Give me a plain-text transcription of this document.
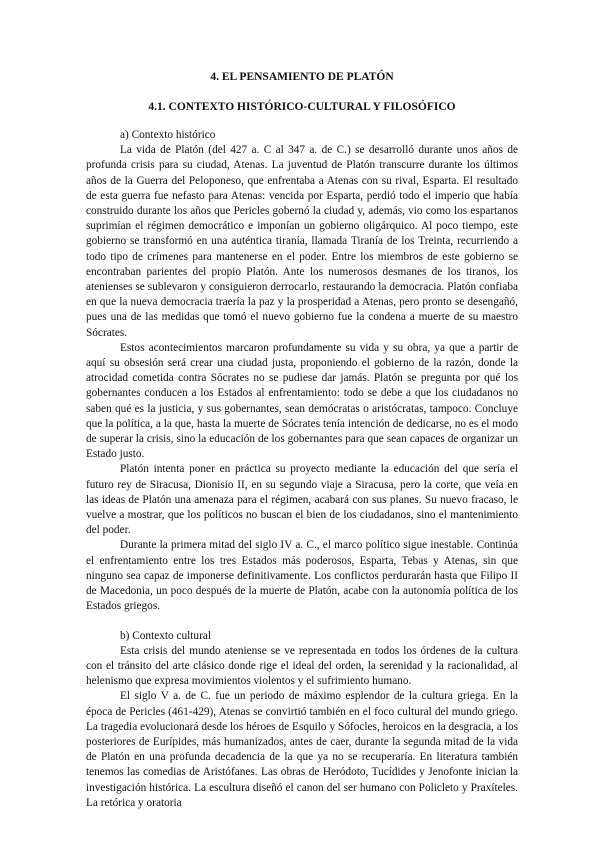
4. EL PENSAMIENTO DE PLATÓN
4.1. CONTEXTO HISTÓRICO-CULTURAL Y FILOSÓFICO
a) Contexto histórico

La vida de Platón (del 427 a. C al 347 a. de C.) se desarrolló durante unos años de profunda crisis para su ciudad, Atenas. La juventud de Platón transcurre durante los últimos años de la Guerra del Peloponeso, que enfrentaba a Atenas con su rival, Esparta. El resultado de esta guerra fue nefasto para Atenas: vencida por Esparta, perdió todo el imperio que había construido durante los años que Pericles gobernó la ciudad y, además, vio como los espartanos suprimían el régimen democrático e imponían un gobierno oligárquico. Al poco tiempo, este gobierno se transformó en una auténtica tiranía, llamada Tiranía de los Treinta, recurriendo a todo tipo de crímenes para mantenerse en el poder. Entre los miembros de este gobierno se encontraban parientes del propio Platón. Ante los numerosos desmanes de los tiranos, los atenienses se sublevaron y consiguieron derrocarlo, restaurando la democracia. Platón confiaba en que la nueva democracia traería la paz y la prosperidad a Atenas, pero pronto se desengañó, pues una de las medidas que tomó el nuevo gobierno fue la condena a muerte de su maestro Sócrates.

Estos acontecimientos marcaron profundamente su vida y su obra, ya que a partir de aquí su obsesión será crear una ciudad justa, proponiendo el gobierno de la razón, donde la atrocidad cometida contra Sócrates no se pudiese dar jamás. Platón se pregunta por qué los gobernantes conducen a los Estados al enfrentamiento: todo se debe a que los ciudadanos no saben qué es la justicia, y sus gobernantes, sean demócratas o aristócratas, tampoco. Concluye que la política, a la que, hasta la muerte de Sócrates tenía intención de dedicarse, no es el modo de superar la crisis, sino la educación de los gobernantes para que sean capaces de organizar un Estado justo.

Platón intenta poner en práctica su proyecto mediante la educación del que sería el futuro rey de Siracusa, Dionisio II, en su segundo viaje a Siracusa, pero la corte, que veía en las ideas de Platón una amenaza para el régimen, acabará con sus planes. Su nuevo fracaso, le vuelve a mostrar, que los políticos no buscan el bien de los ciudadanos, sino el mantenimiento del poder.

Durante la primera mitad del siglo IV a. C., el marco político sigue inestable. Continúa el enfrentamiento entre los tres Estados más poderosos, Esparta, Tebas y Atenas, sin que ninguno sea capaz de imponerse definitivamente. Los conflictos perdurarán hasta que Filipo II de Macedonia, un poco después de la muerte de Platón, acabe con la autonomía política de los Estados griegos.

b) Contexto cultural

Esta crisis del mundo ateniense se ve representada en todos los órdenes de la cultura con el tránsito del arte clásico donde rige el ideal del orden, la serenidad y la racionalidad, al helenismo que expresa movimientos violentos y el sufrimiento humano.

El siglo V a. de C. fue un periodo de máximo esplendor de la cultura griega. En la época de Pericles (461-429), Atenas se convirtió también en el foco cultural del mundo griego. La tragedia evolucionará desde los héroes de Esquilo y Sófocles, heroicos en la desgracia, a los posteriores de Eurípides, más humanizados, antes de caer, durante la segunda mitad de la vida de Platón en una profunda decadencia de la que ya no se recuperaría. En literatura también tenemos las comedias de Aristófanes. Las obras de Heródoto, Tucídides y Jenofonte inician la investigación histórica. La escultura diseñó el canon del ser humano con Policleto y Praxíteles. La retórica y oratoria
